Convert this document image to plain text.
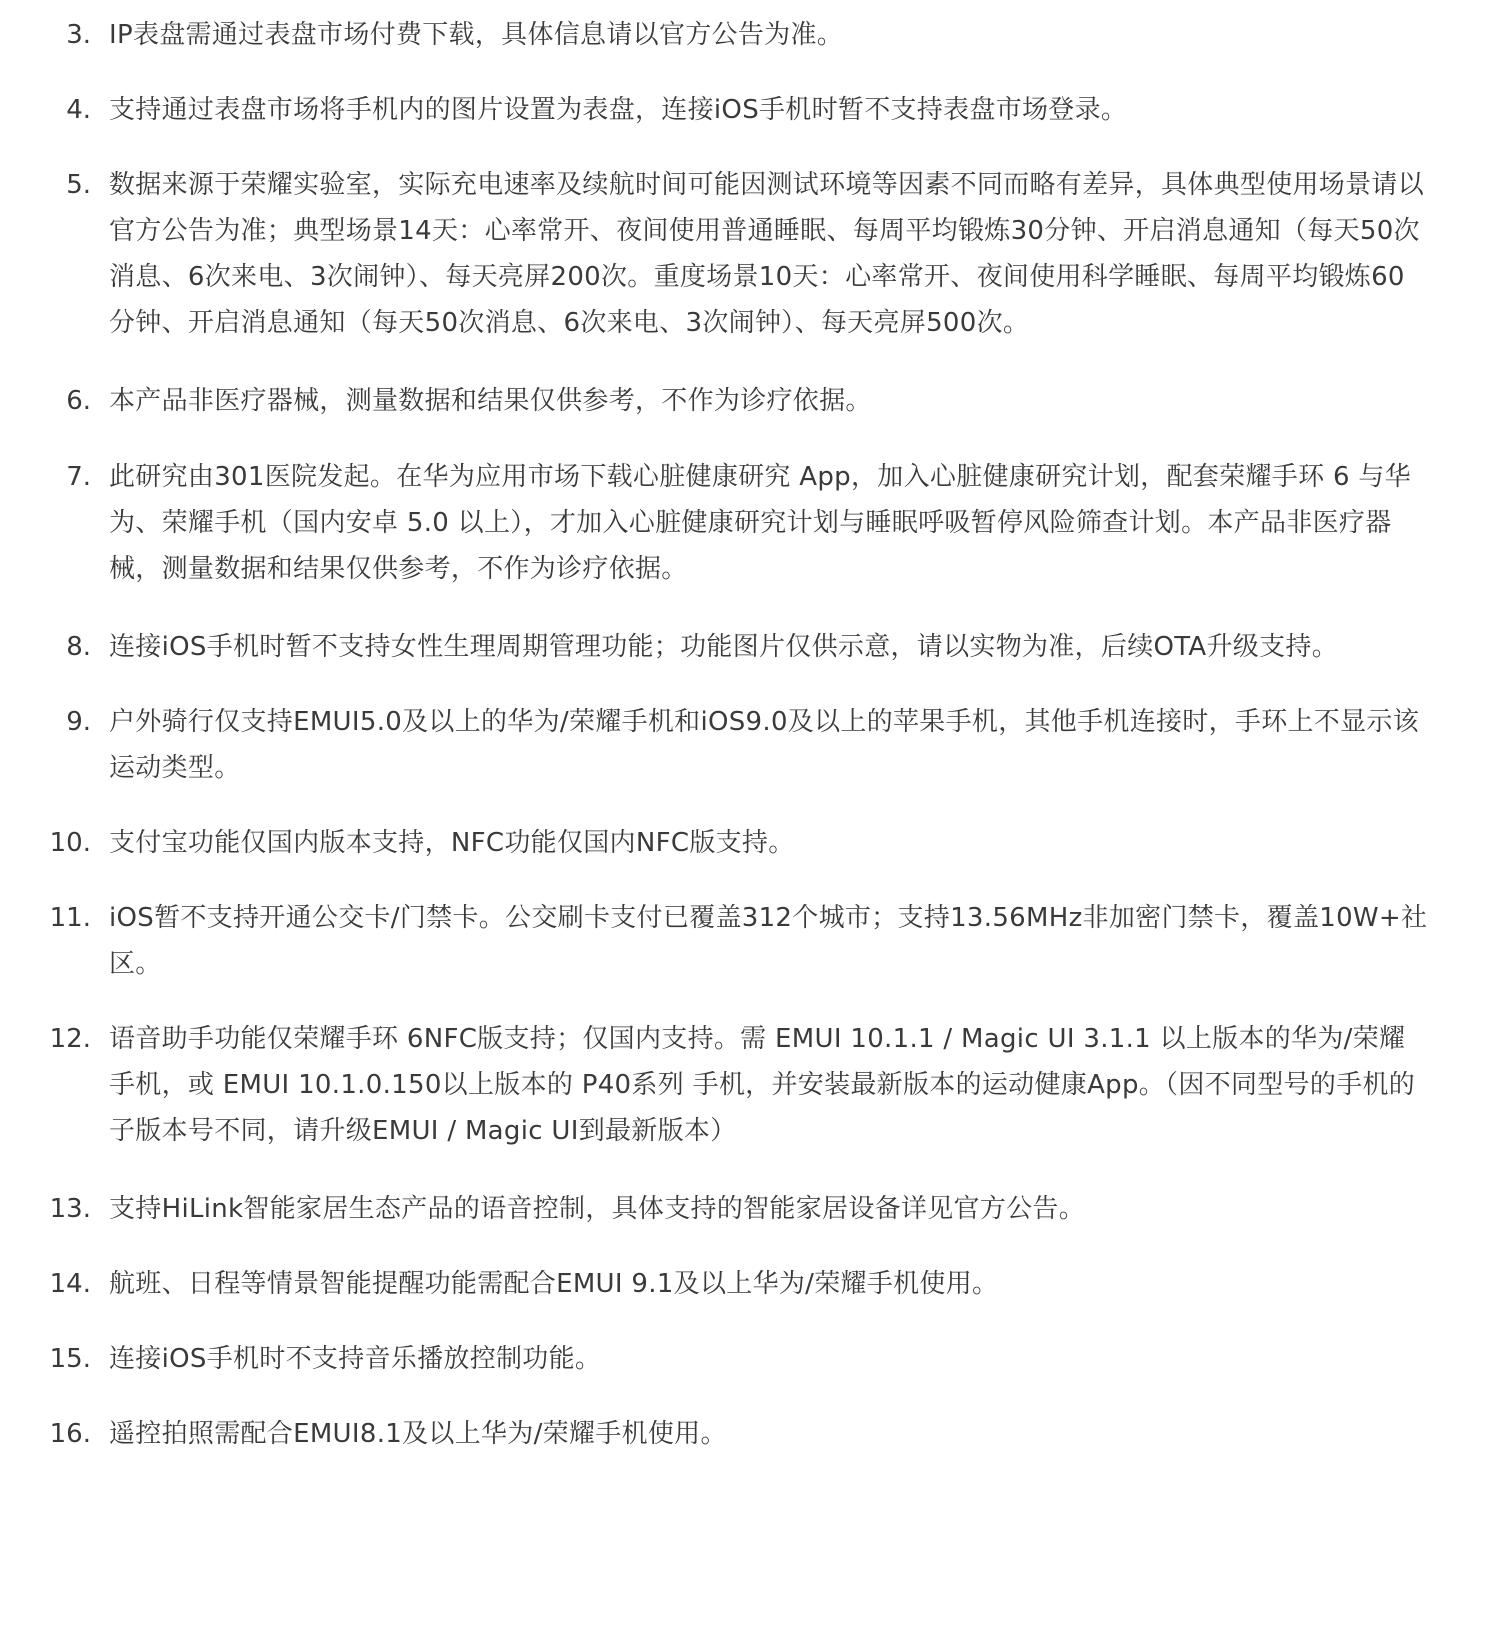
3. IP表盘需通过表盘市场付费下载，具体信息请以官方公告为准。
4. 支持通过表盘市场将手机内的图片设置为表盘，连接iOS手机时暂不支持表盘市场登录。
5. 数据来源于荣耀实验室，实际充电速率及续航时间可能因测试环境等因素不同而略有差异，具体典型使用场景请以官方公告为准；典型场景14天：心率常开、夜间使用普通睡眠、每周平均锻炼30分钟、开启消息通知（每天50次消息、6次来电、3次闹钟）、每天亮屏200次。重度场景10天：心率常开、夜间使用科学睡眠、每周平均锻炼60分钟、开启消息通知（每天50次消息、6次来电、3次闹钟）、每天亮屏500次。
6. 本产品非医疗器械，测量数据和结果仅供参考，不作为诊疗依据。
7. 此研究由301医院发起。在华为应用市场下载心脏健康研究 App，加入心脏健康研究计划，配套荣耀手环 6 与华为、荣耀手机（国内安卓 5.0 以上），才加入心脏健康研究计划与睡眠呼吸暂停风险筛查计划。本产品非医疗器械，测量数据和结果仅供参考，不作为诊疗依据。
8. 连接iOS手机时暂不支持女性生理周期管理功能；功能图片仅供示意，请以实物为准，后续OTA升级支持。
9. 户外骑行仅支持EMUI5.0及以上的华为/荣耀手机和iOS9.0及以上的苹果手机，其他手机连接时，手环上不显示该运动类型。
10. 支付宝功能仅国内版本支持，NFC功能仅国内NFC版支持。
11. iOS暂不支持开通公交卡/门禁卡。公交刷卡支付已覆盖312个城市；支持13.56MHz非加密门禁卡，覆盖10W+社区。
12. 语音助手功能仅荣耀手环 6NFC版支持；仅国内支持。需 EMUI 10.1.1 / Magic UI 3.1.1 以上版本的华为/荣耀手机，或 EMUI 10.1.0.150以上版本的 P40系列 手机，并安装最新版本的运动健康App。（因不同型号的手机的子版本号不同，请升级EMUI / Magic UI到最新版本）
13. 支持HiLink智能家居生态产品的语音控制，具体支持的智能家居设备详见官方公告。
14. 航班、日程等情景智能提醒功能需配合EMUI 9.1及以上华为/荣耀手机使用。
15. 连接iOS手机时不支持音乐播放控制功能。
16. 遥控拍照需配合EMUI8.1及以上华为/荣耀手机使用。
